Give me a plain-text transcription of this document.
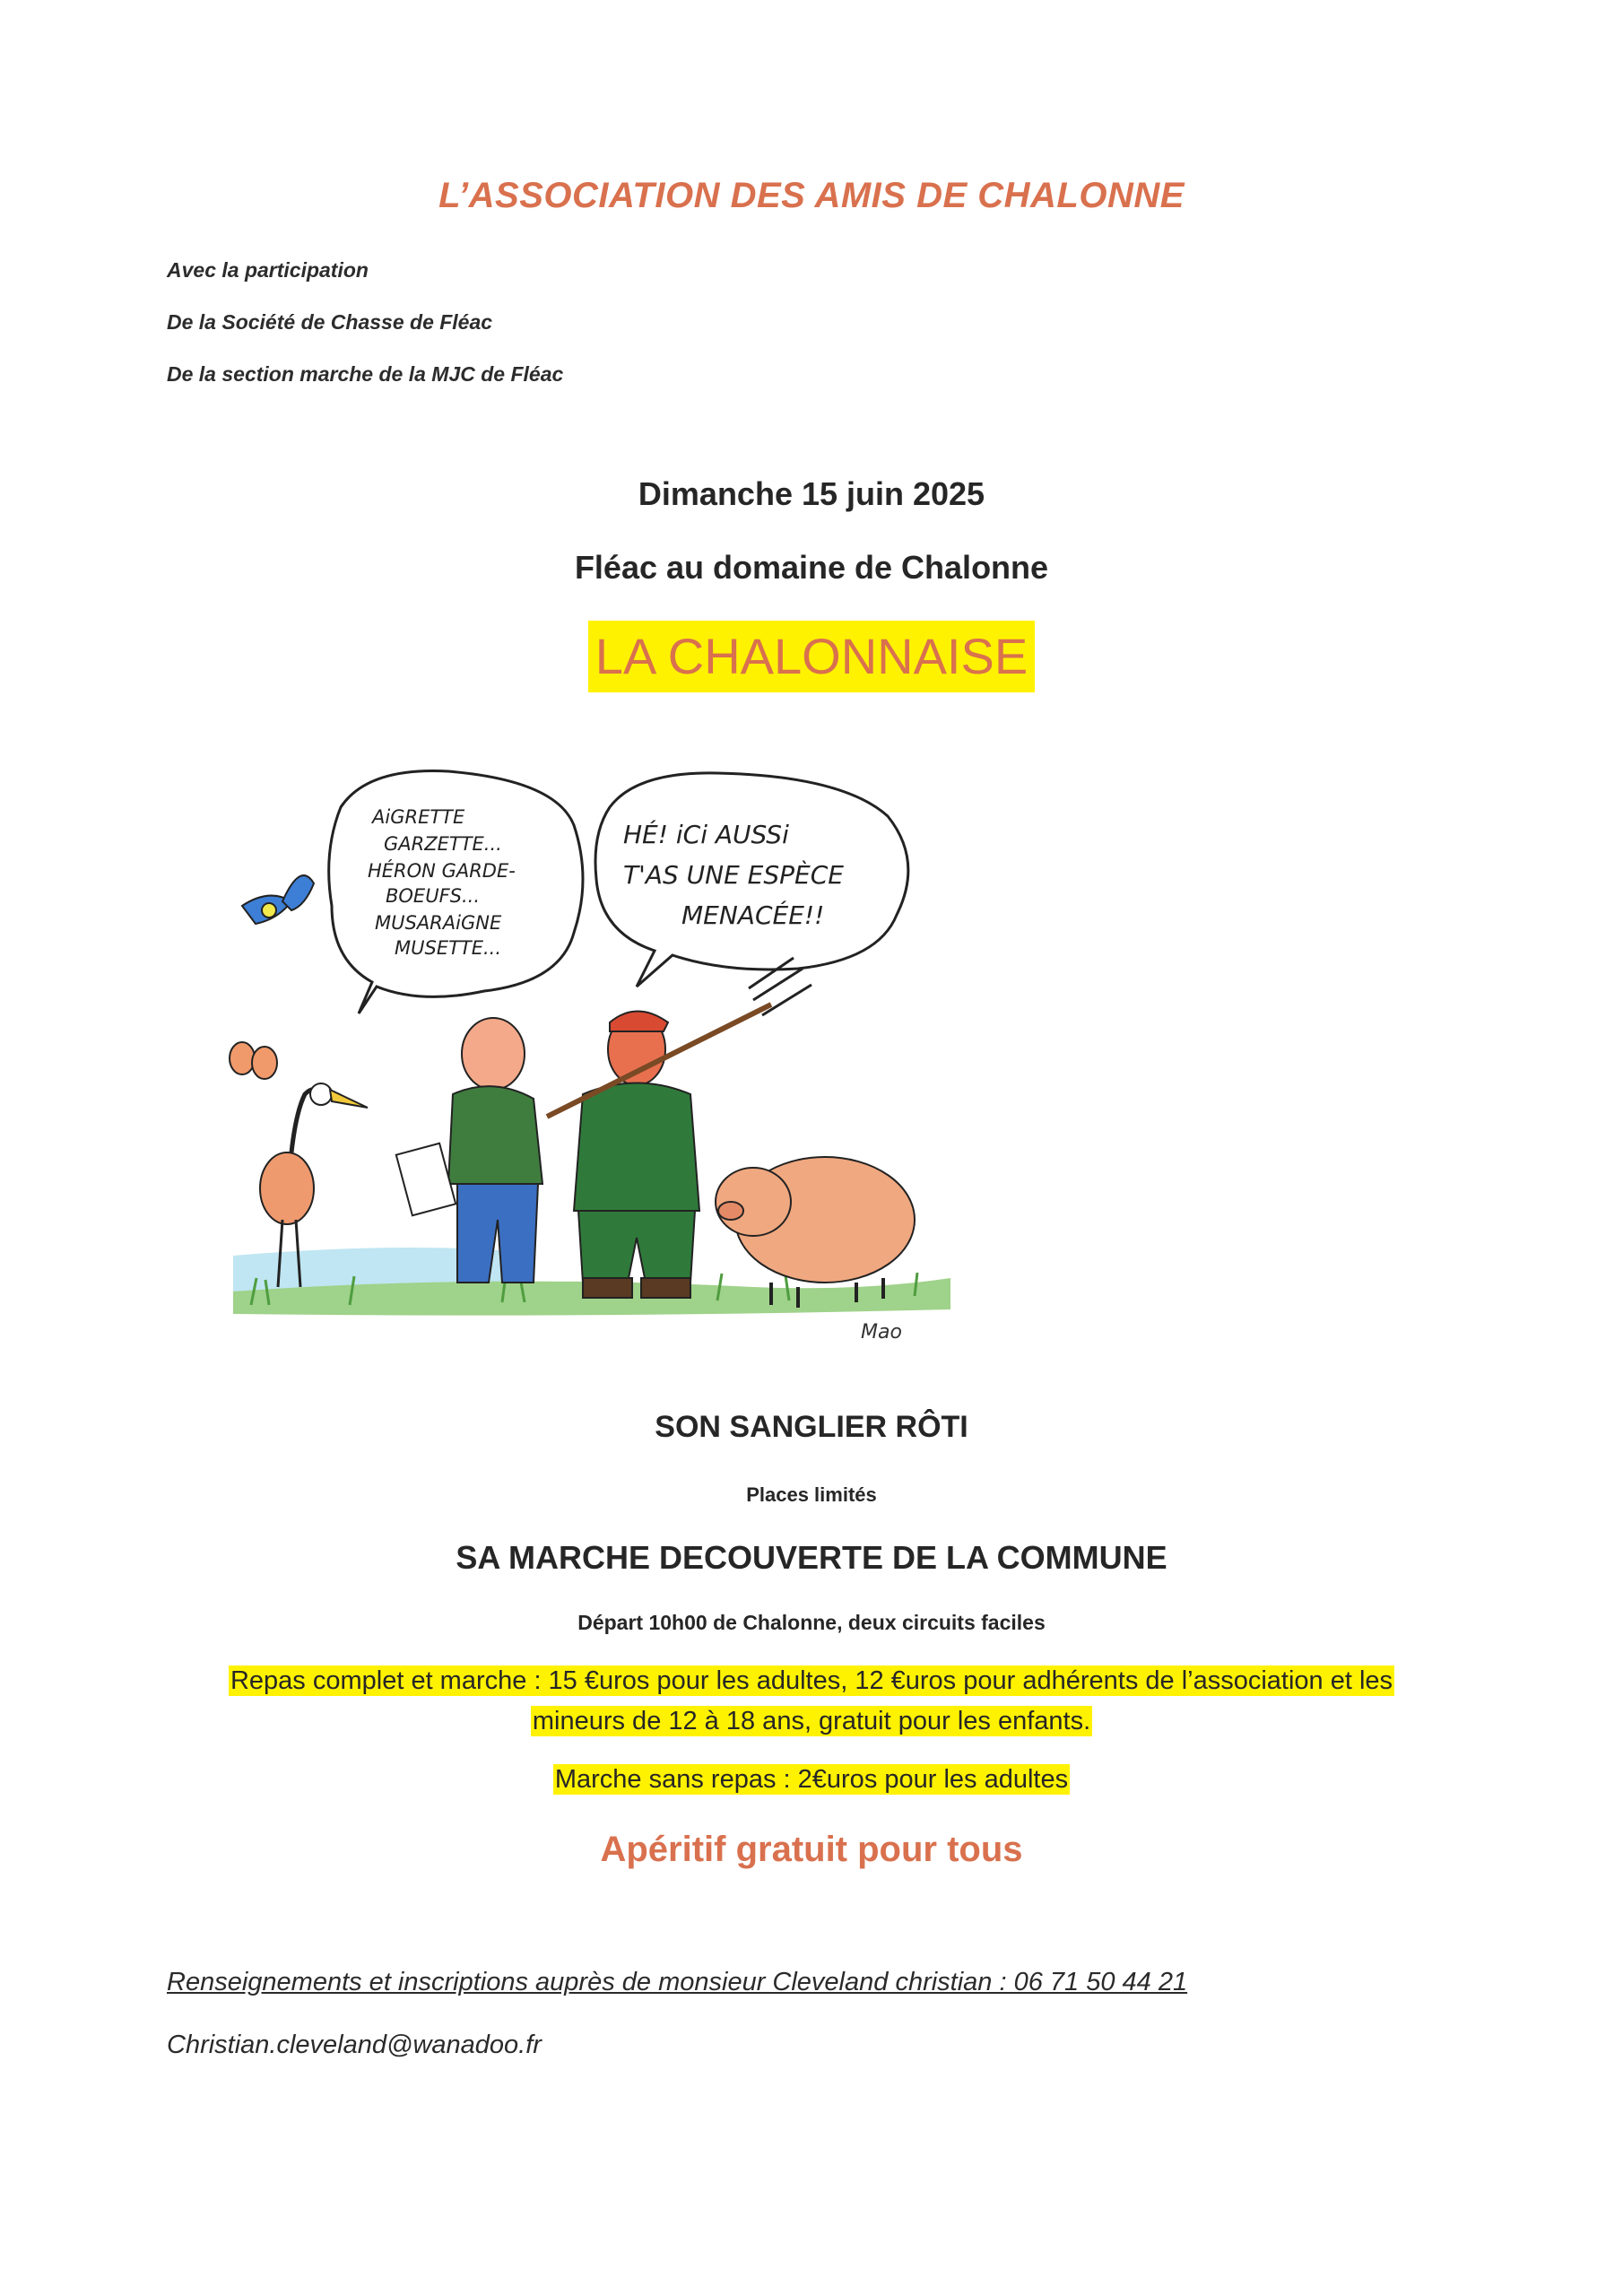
L’ASSOCIATION DES AMIS DE CHALONNE
Avec la participation
De la Société de Chasse de Fléac
De la section marche de la MJC de Fléac
Dimanche 15 juin 2025
Fléac au domaine de Chalonne
LA CHALONNAISE
AiGRETTE
GARZETTE...
HÉRON GARDE-
BOEUFS...
MUSARAiGNE
MUSETTE...
HÉ! iCi AUSSi
T'AS UNE ESPÈCE
MENACÉE!!
Mao
SON SANGLIER RÔTI
Places limités
SA MARCHE DECOUVERTE DE LA COMMUNE
Départ 10h00 de Chalonne, deux circuits faciles
Repas complet et marche : 15 €uros pour les adultes, 12 €uros pour adhérents de l’association et les
mineurs de 12 à 18 ans, gratuit pour les enfants.
Marche sans repas : 2€uros pour les adultes
Apéritif gratuit pour tous
Renseignements et inscriptions auprès de monsieur Cleveland christian : 06 71 50 44 21
Christian.cleveland@wanadoo.fr
